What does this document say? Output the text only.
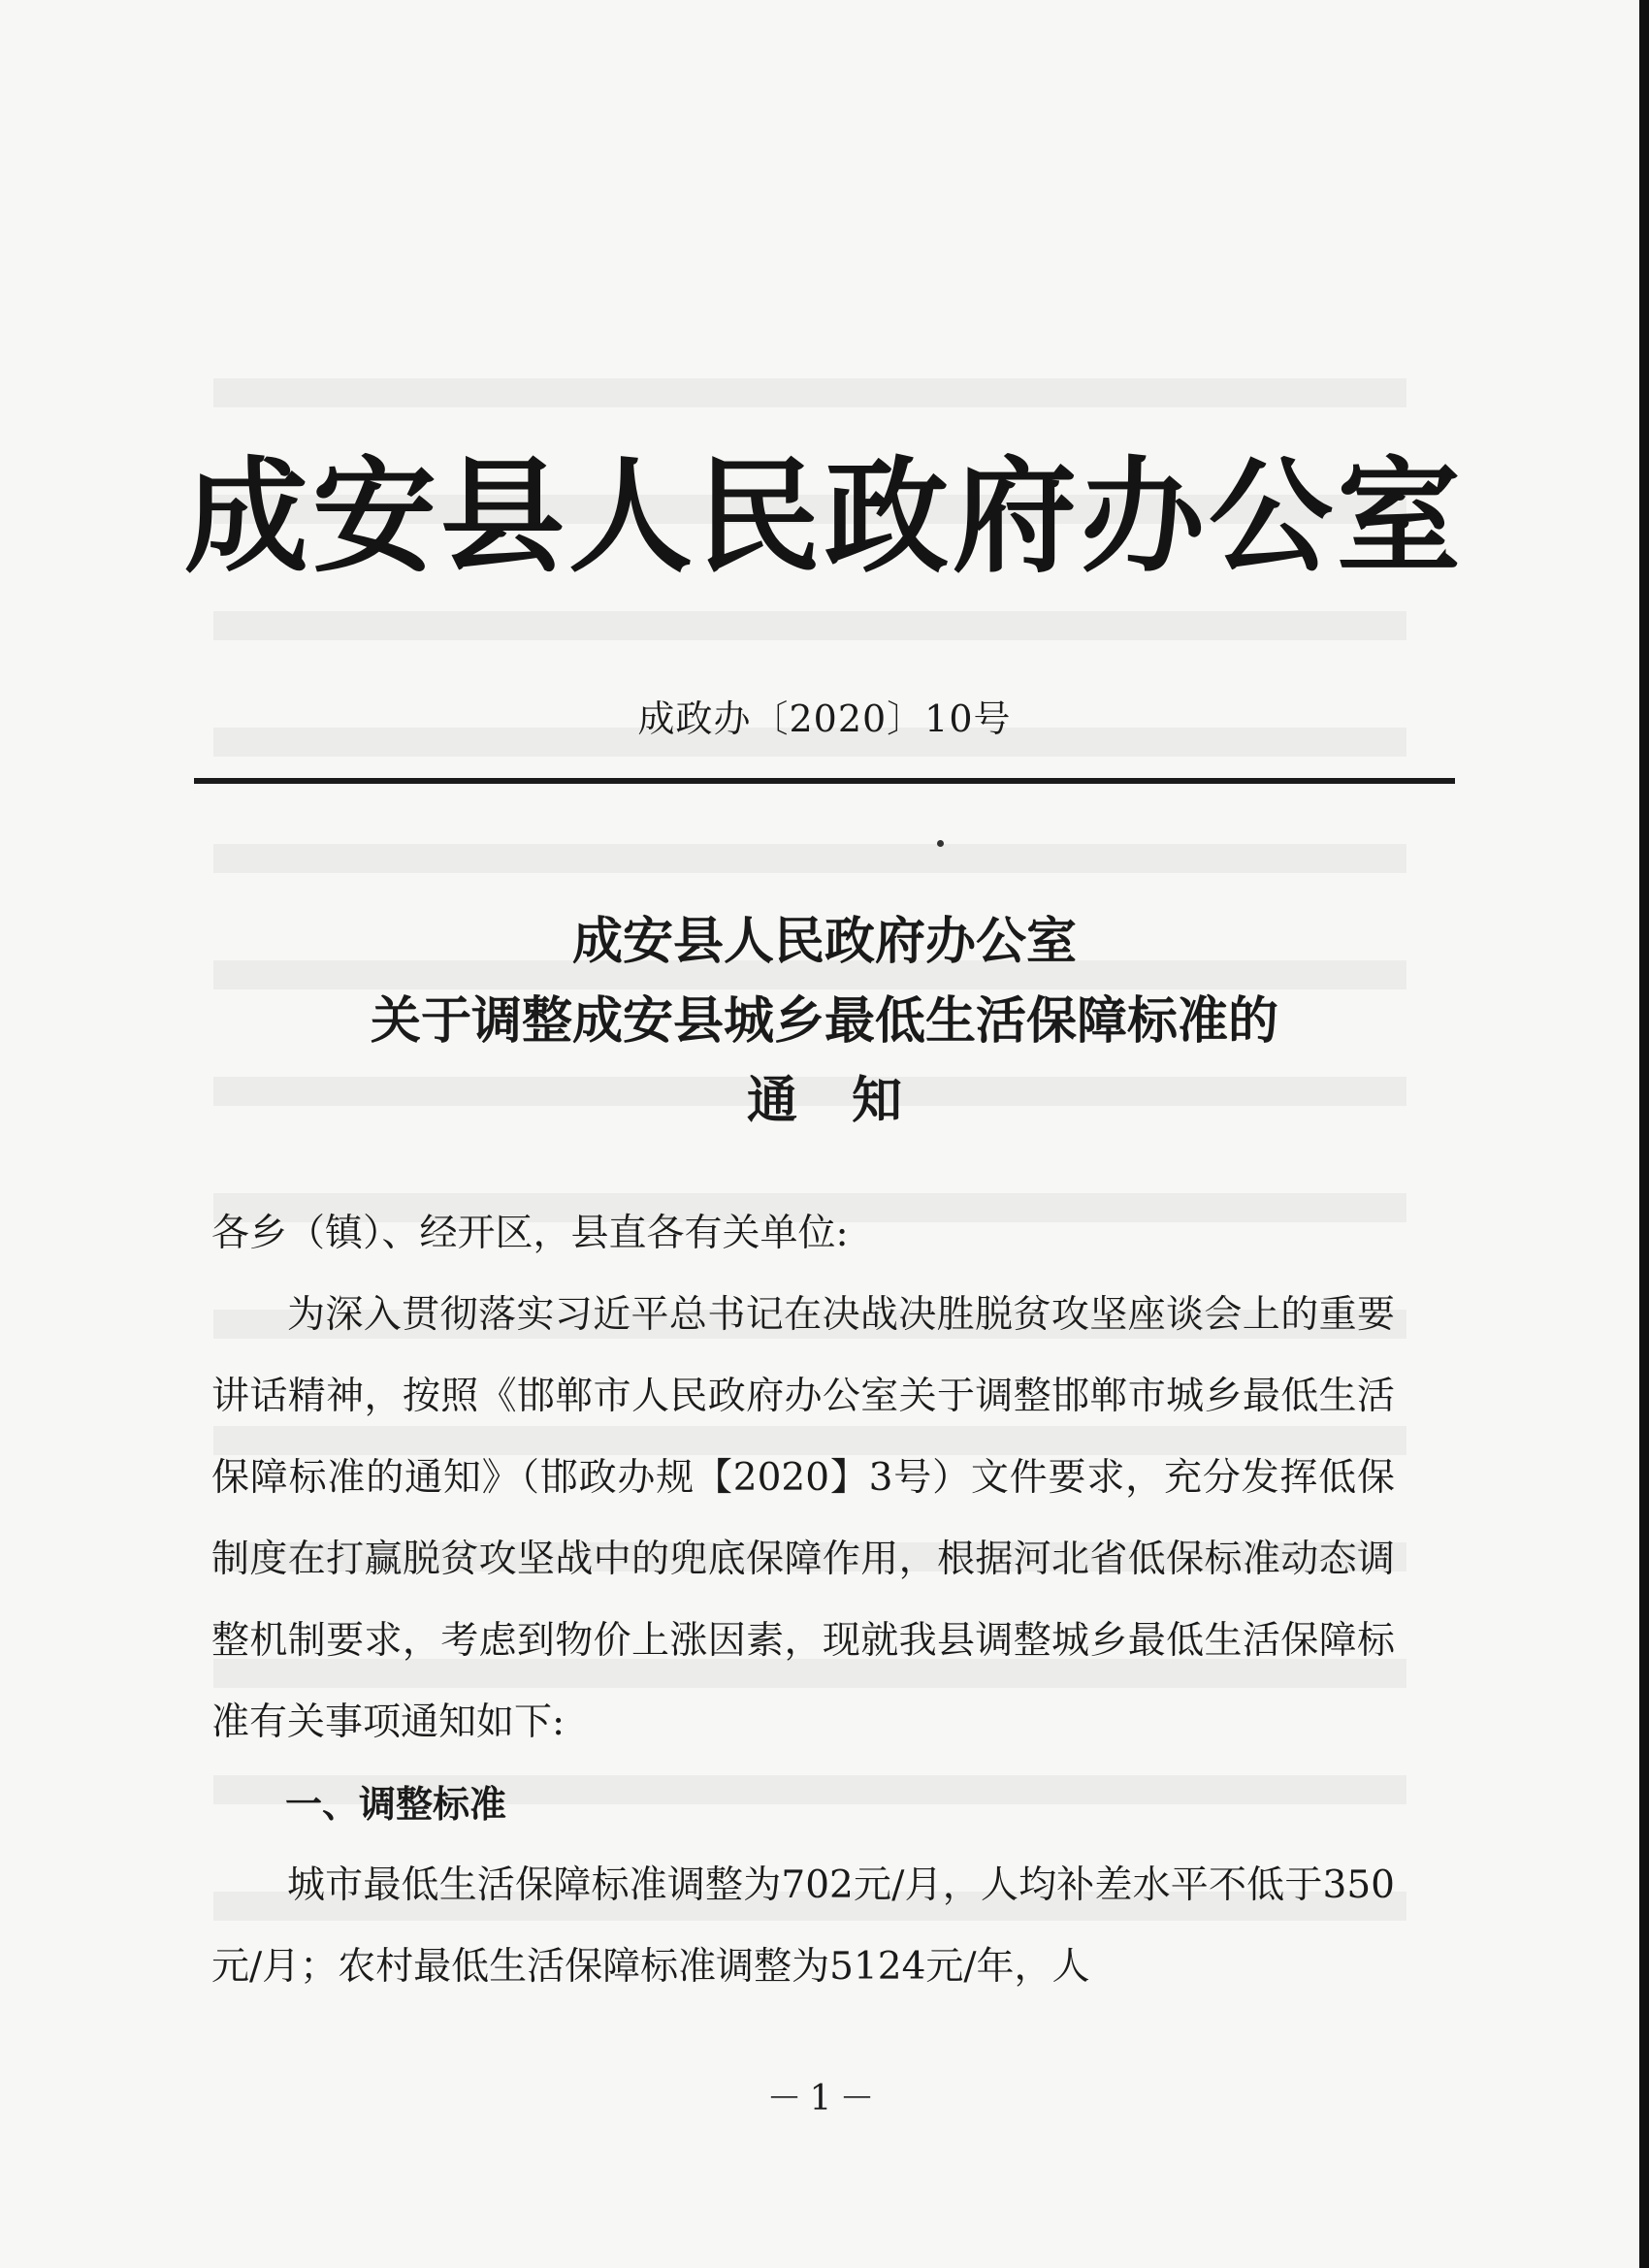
成安县人民政府办公室
成政办〔2020〕10号
成安县人民政府办公室
关于调整成安县城乡最低生活保障标准的
通知

各乡（镇）、经开区，县直各有关单位:

为深入贯彻落实习近平总书记在决战决胜脱贫攻坚座谈会上的重要讲话精神，按照《邯郸市人民政府办公室关于调整邯郸市城乡最低生活保障标准的通知》（邯政办规【2020】3号）文件要求，充分发挥低保制度在打赢脱贫攻坚战中的兜底保障作用，根据河北省低保标准动态调整机制要求，考虑到物价上涨因素，现就我县调整城乡最低生活保障标准有关事项通知如下:

一、调整标准

城市最低生活保障标准调整为702元/月，人均补差水平不低于350元/月；农村最低生活保障标准调整为5124元/年，人

－1－
